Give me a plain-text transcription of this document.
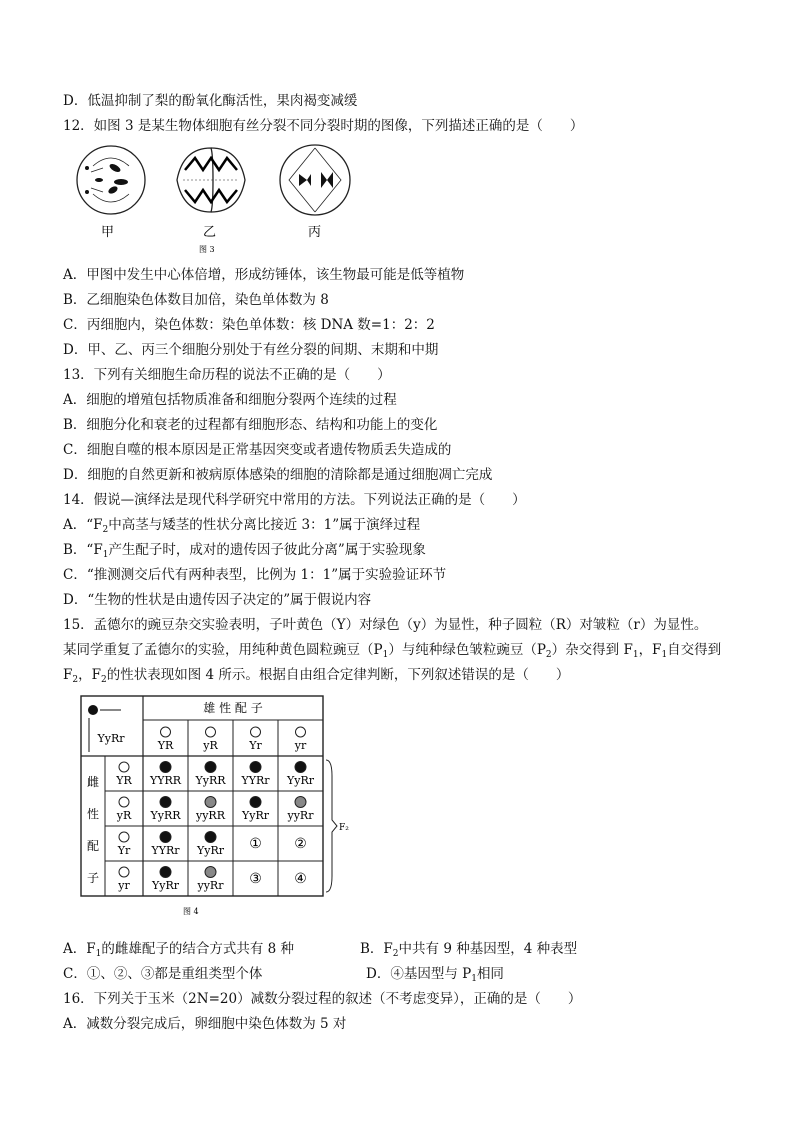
D．低温抑制了梨的酚氧化酶活性，果肉褐变减缓
12．如图 3 是某生物体细胞有丝分裂不同分裂时期的图像，下列描述正确的是（　　）
甲	乙	丙
图 3
A．甲图中发生中心体倍增，形成纺锤体，该生物最可能是低等植物
B．乙细胞染色体数目加倍，染色单体数为 8
C．丙细胞内，染色体数：染色单体数：核 DNA 数=1：2：2
D．甲、乙、丙三个细胞分别处于有丝分裂的间期、末期和中期
13．下列有关细胞生命历程的说法不正确的是（　　）
A．细胞的增殖包括物质准备和细胞分裂两个连续的过程
B．细胞分化和衰老的过程都有细胞形态、结构和功能上的变化
C．细胞自噬的根本原因是正常基因突变或者遗传物质丢失造成的
D．细胞的自然更新和被病原体感染的细胞的清除都是通过细胞凋亡完成
14．假说—演绎法是现代科学研究中常用的方法。下列说法正确的是（　　）
A．“$F_2$中高茎与矮茎的性状分离比接近 3：1”属于演绎过程
B．“$F_1$产生配子时，成对的遗传因子彼此分离”属于实验现象
C．“推测测交后代有两种表型，比例为 1：1”属于实验验证环节
D．“生物的性状是由遗传因子决定的”属于假说内容
15．孟德尔的豌豆杂交实验表明，子叶黄色（Y）对绿色（y）为显性，种子圆粒（R）对皱粒（r）为显性。
某同学重复了孟德尔的实验，用纯种黄色圆粒豌豆$(P_1)$与纯种绿色皱粒豌豆$(P_2)$杂交得到 $F_1$，$F_1$自交得到
$F_2$，$F_2$的性状表现如图 4 所示。根据自由组合定律判断，下列叙述错误的是（　　）
YyRr
雄 性 配 子
雌
性
配
子
YR	yR	Yr	yr
YR YYRR YyRR YYRr YyRr
yR YyRR yyRR YyRr yyRr
Yr YYRr YyRr ① ②
yr YyRr yyRr ③ ④
F₂
图 4
A．$F_1$的雌雄配子的结合方式共有 8 种	B．$F_2$中共有 9 种基因型，4 种表型
C．①、②、③都是重组类型个体	D．④基因型与 $P_1$相同
16．下列关于玉米（2N=20）减数分裂过程的叙述（不考虑变异），正确的是（　　）
A．减数分裂完成后，卵细胞中染色体数为 5 对
